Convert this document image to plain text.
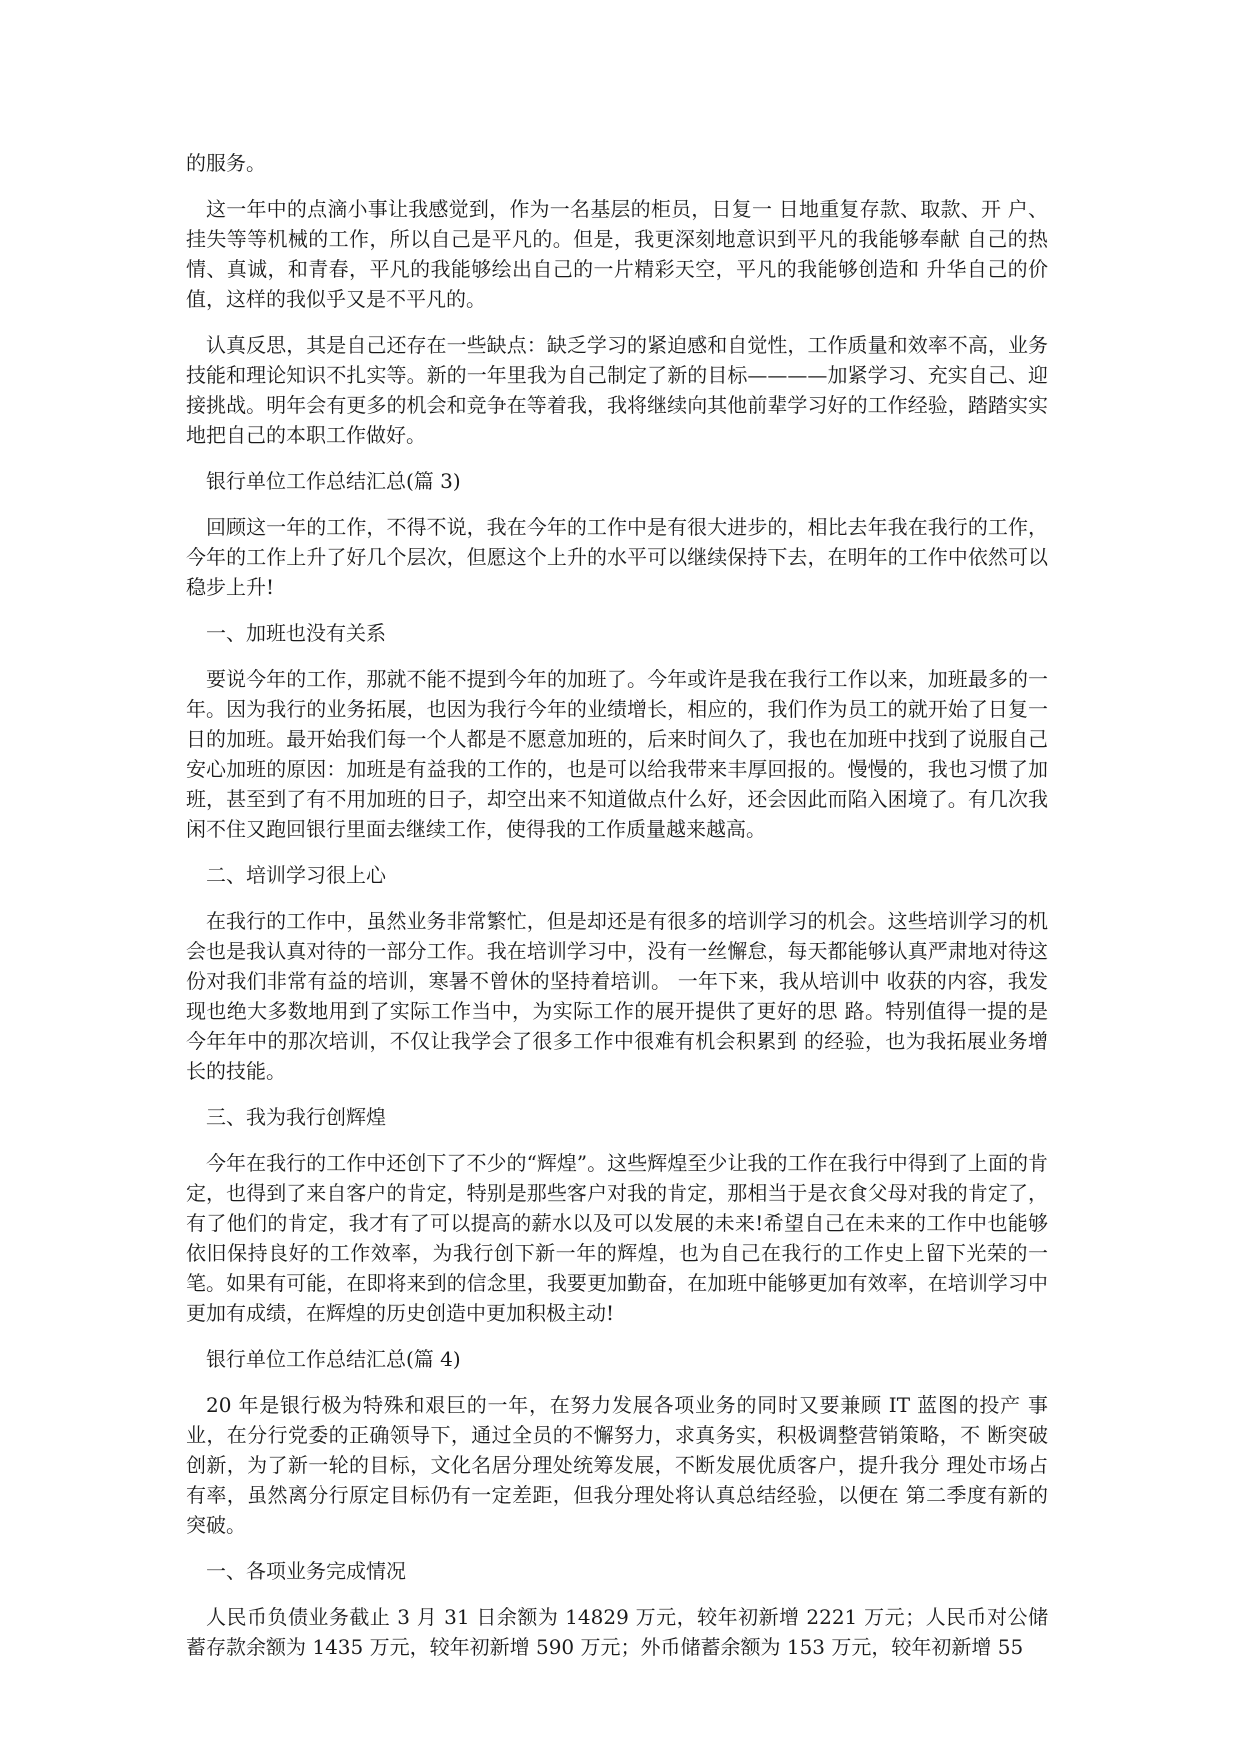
的服务。

这一年中的点滴小事让我感觉到，作为一名基层的柜员，日复一 日地重复存款、取款、开 户、挂失等等机械的工作，所以自己是平凡的。但是，我更深刻地意识到平凡的我能够奉献 自己的热情、真诚，和青春，平凡的我能够绘出自己的一片精彩天空，平凡的我能够创造和 升华自己的价值，这样的我似乎又是不平凡的。

认真反思，其是自己还存在一些缺点：缺乏学习的紧迫感和自觉性，工作质量和效率不高，业务技能和理论知识不扎实等。新的一年里我为自己制定了新的目标————加紧学习、充实自己、迎接挑战。明年会有更多的机会和竞争在等着我，我将继续向其他前辈学习好的工作经验，踏踏实实地把自己的本职工作做好。

银行单位工作总结汇总(篇 3)

回顾这一年的工作，不得不说，我在今年的工作中是有很大进步的，相比去年我在我行的工作，今年的工作上升了好几个层次，但愿这个上升的水平可以继续保持下去，在明年的工作中依然可以稳步上升!

一、加班也没有关系

要说今年的工作，那就不能不提到今年的加班了。今年或许是我在我行工作以来，加班最多的一年。因为我行的业务拓展，也因为我行今年的业绩增长，相应的，我们作为员工的就开始了日复一 日的加班。最开始我们每一个人都是不愿意加班的，后来时间久了，我也在加班中找到了说服自己安心加班的原因：加班是有益我的工作的，也是可以给我带来丰厚回报的。慢慢的，我也习惯了加班，甚至到了有不用加班的日子，却空出来不知道做点什么好，还会因此而陷入困境了。有几次我闲不住又跑回银行里面去继续工作，使得我的工作质量越来越高。

二、培训学习很上心

在我行的工作中，虽然业务非常繁忙，但是却还是有很多的培训学习的机会。这些培训学习的机会也是我认真对待的一部分工作。我在培训学习中，没有一丝懈怠，每天都能够认真严肃地对待这份对我们非常有益的培训，寒暑不曾休的坚持着培训。 一年下来，我从培训中 收获的内容，我发现也绝大多数地用到了实际工作当中，为实际工作的展开提供了更好的思 路。特别值得一提的是今年年中的那次培训，不仅让我学会了很多工作中很难有机会积累到 的经验，也为我拓展业务增长的技能。

三、我为我行创辉煌

今年在我行的工作中还创下了不少的“辉煌”。这些辉煌至少让我的工作在我行中得到了上面的肯定，也得到了来自客户的肯定，特别是那些客户对我的肯定，那相当于是衣食父母对我的肯定了，有了他们的肯定，我才有了可以提高的薪水以及可以发展的未来!希望自己在未来的工作中也能够依旧保持良好的工作效率，为我行创下新一年的辉煌，也为自己在我行的工作史上留下光荣的一笔。如果有可能，在即将来到的信念里，我要更加勤奋，在加班中能够更加有效率，在培训学习中更加有成绩，在辉煌的历史创造中更加积极主动!

银行单位工作总结汇总(篇 4)

20 年是银行极为特殊和艰巨的一年，在努力发展各项业务的同时又要兼顾 IT 蓝图的投产 事业，在分行党委的正确领导下，通过全员的不懈努力，求真务实，积极调整营销策略，不 断突破创新，为了新一轮的目标，文化名居分理处统筹发展，不断发展优质客户，提升我分 理处市场占有率，虽然离分行原定目标仍有一定差距，但我分理处将认真总结经验，以便在 第二季度有新的突破。

一、各项业务完成情况

人民币负债业务截止 3 月 31 日余额为 14829 万元，较年初新增 2221 万元；人民币对公储 蓄存款余额为 1435 万元，较年初新增 590 万元；外币储蓄余额为 153 万元，较年初新增 55
